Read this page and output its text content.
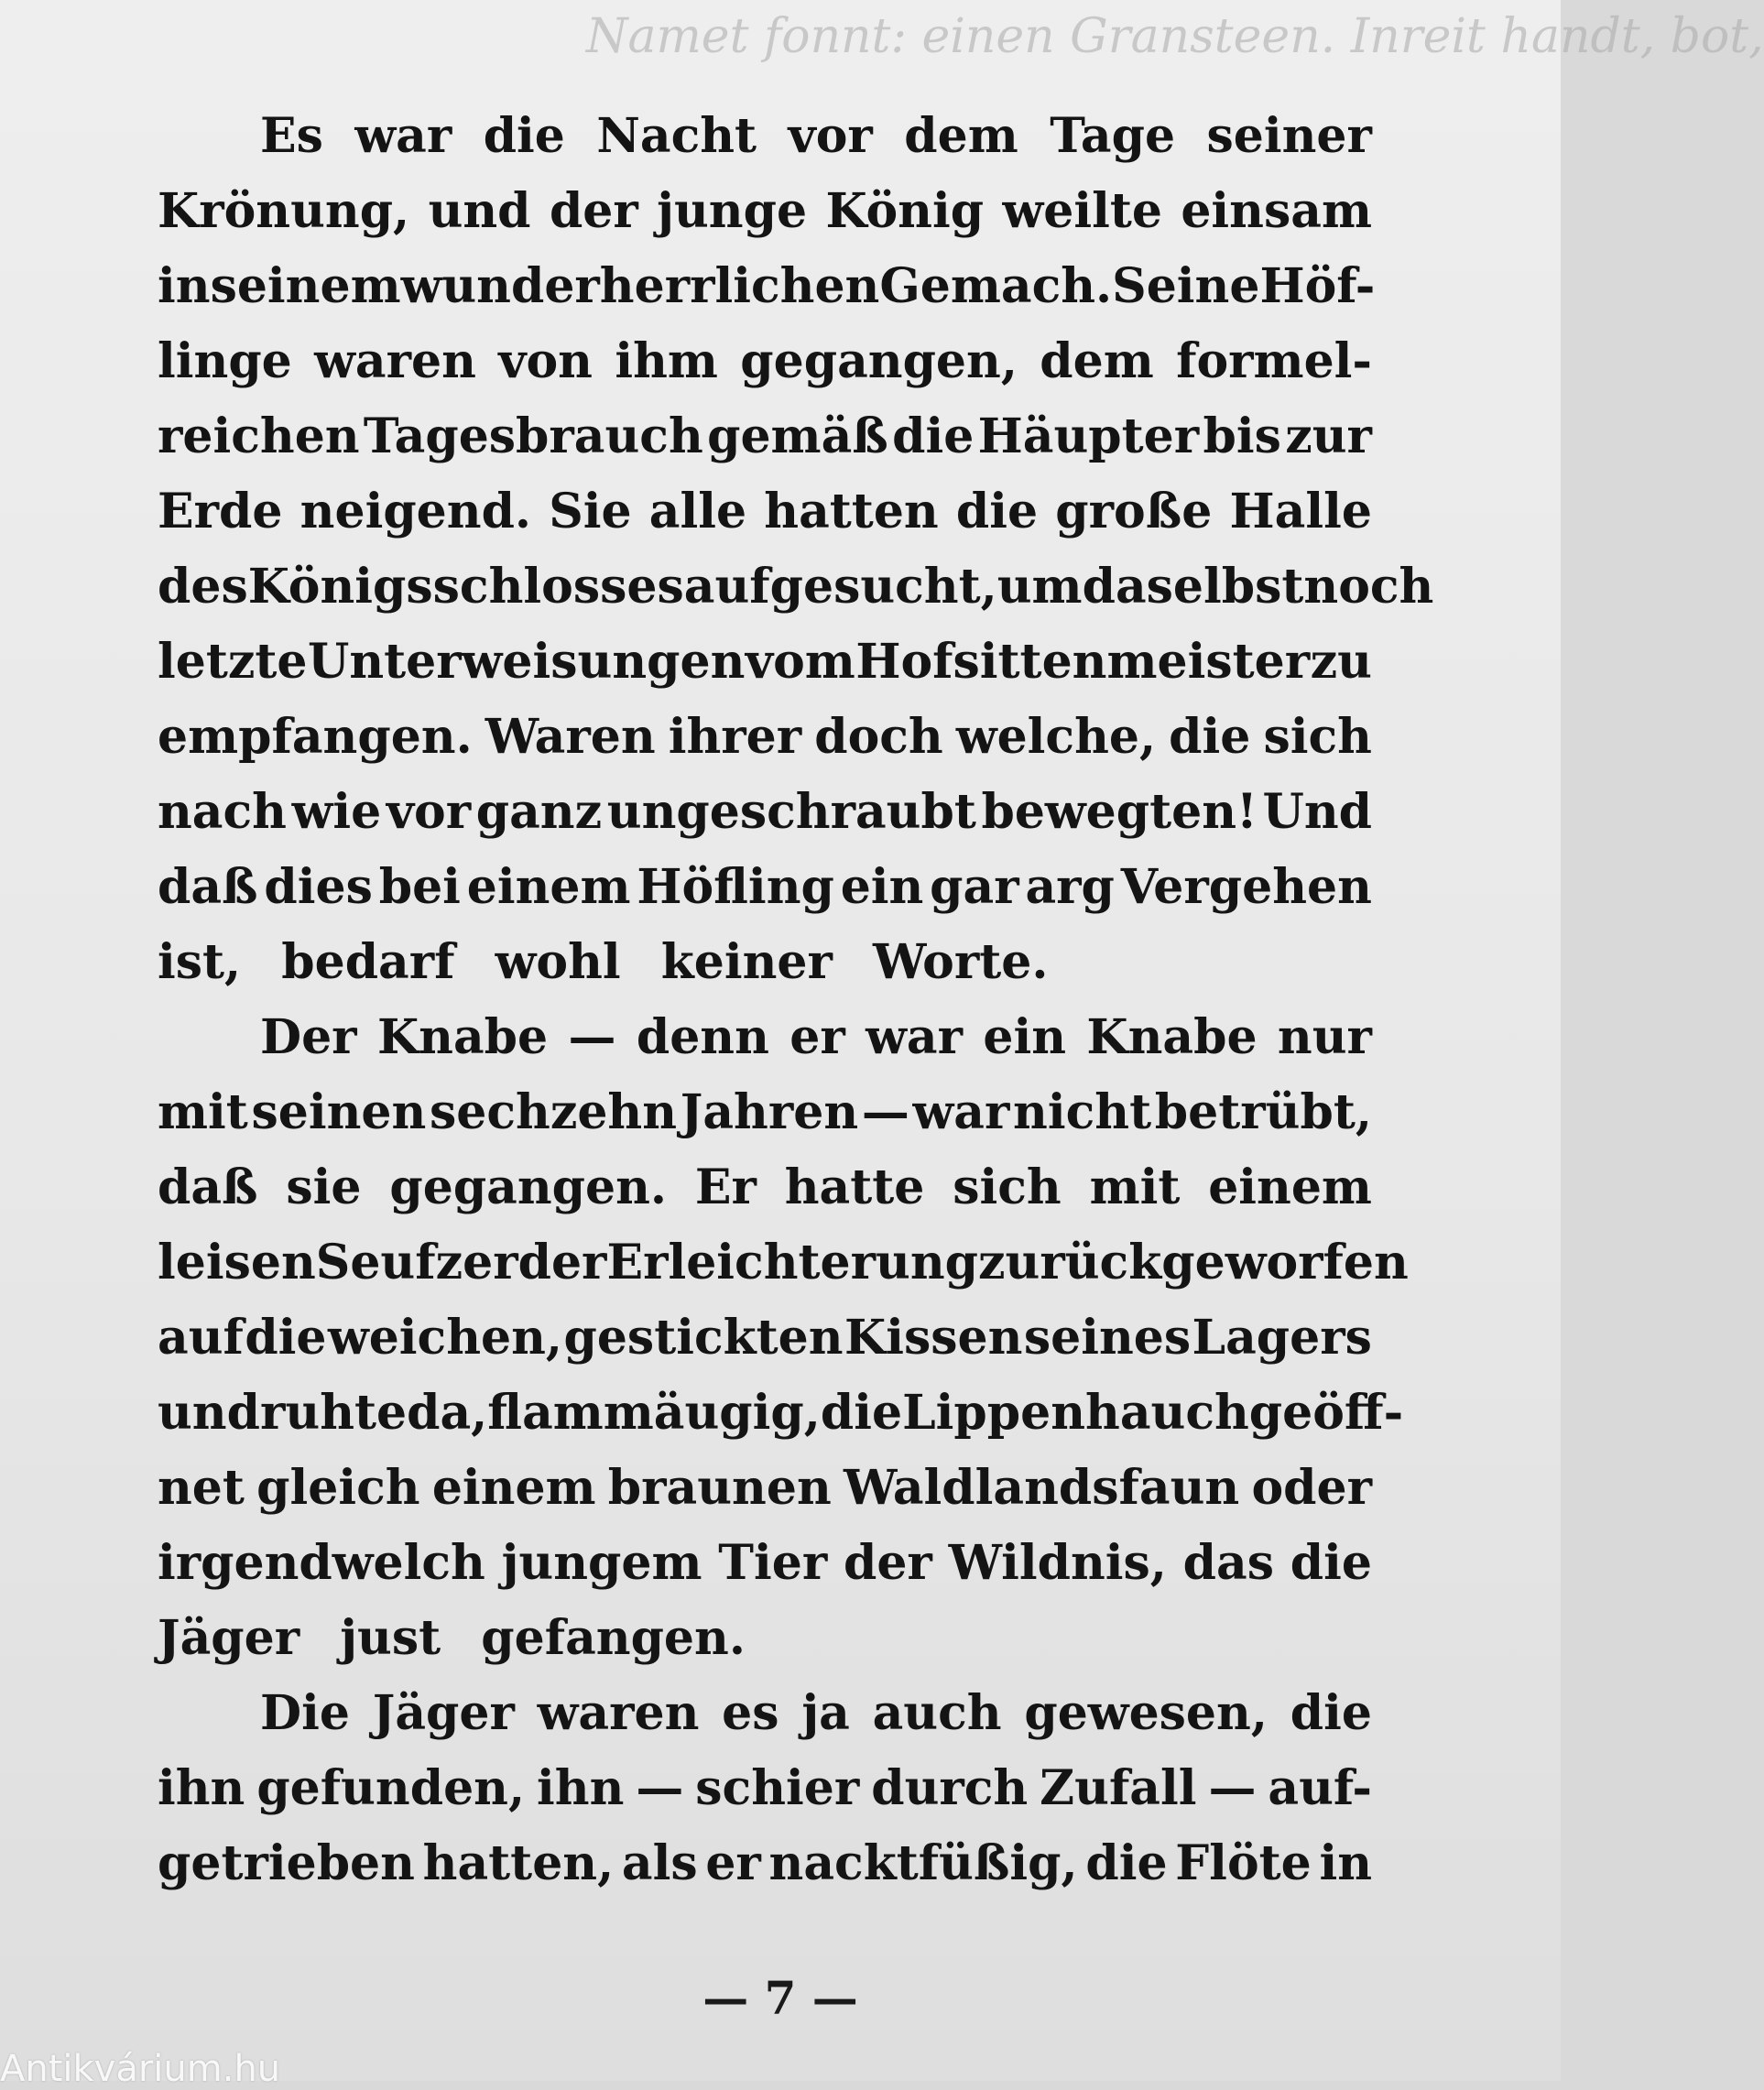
Namet fonnt: einen Gransteen. Inreit handt, bot,
Es war die Nacht vor dem Tage seiner
Krönung, und der junge König weilte einsam
in seinem wunderherrlichen Gemach. Seine Höf-
linge waren von ihm gegangen, dem formel-
reichen Tagesbrauch gemäß die Häupter bis zur
Erde neigend. Sie alle hatten die große Halle
des Königsschlosses aufgesucht, um daselbst noch
letzte Unterweisungen vom Hofsittenmeister zu
empfangen. Waren ihrer doch welche, die sich
nach wie vor ganz ungeschraubt bewegten! Und
daß dies bei einem Höfling ein gar arg Vergehen
ist, bedarf wohl keiner Worte.
Der Knabe — denn er war ein Knabe nur
mit seinen sechzehn Jahren — war nicht betrübt,
daß sie gegangen. Er hatte sich mit einem
leisen Seufzer der Erleichterung zurückgeworfen
auf die weichen, gestickten Kissen seines Lagers
und ruhte da, flammäugig, die Lippen hauchgeöff-
net gleich einem braunen Waldlandsfaun oder
irgendwelch jungem Tier der Wildnis, das die
Jäger just gefangen.
Die Jäger waren es ja auch gewesen, die
ihn gefunden, ihn — schier durch Zufall — auf-
getrieben hatten, als er nacktfüßig, die Flöte in
— 7 —
Antikvárium.hu
